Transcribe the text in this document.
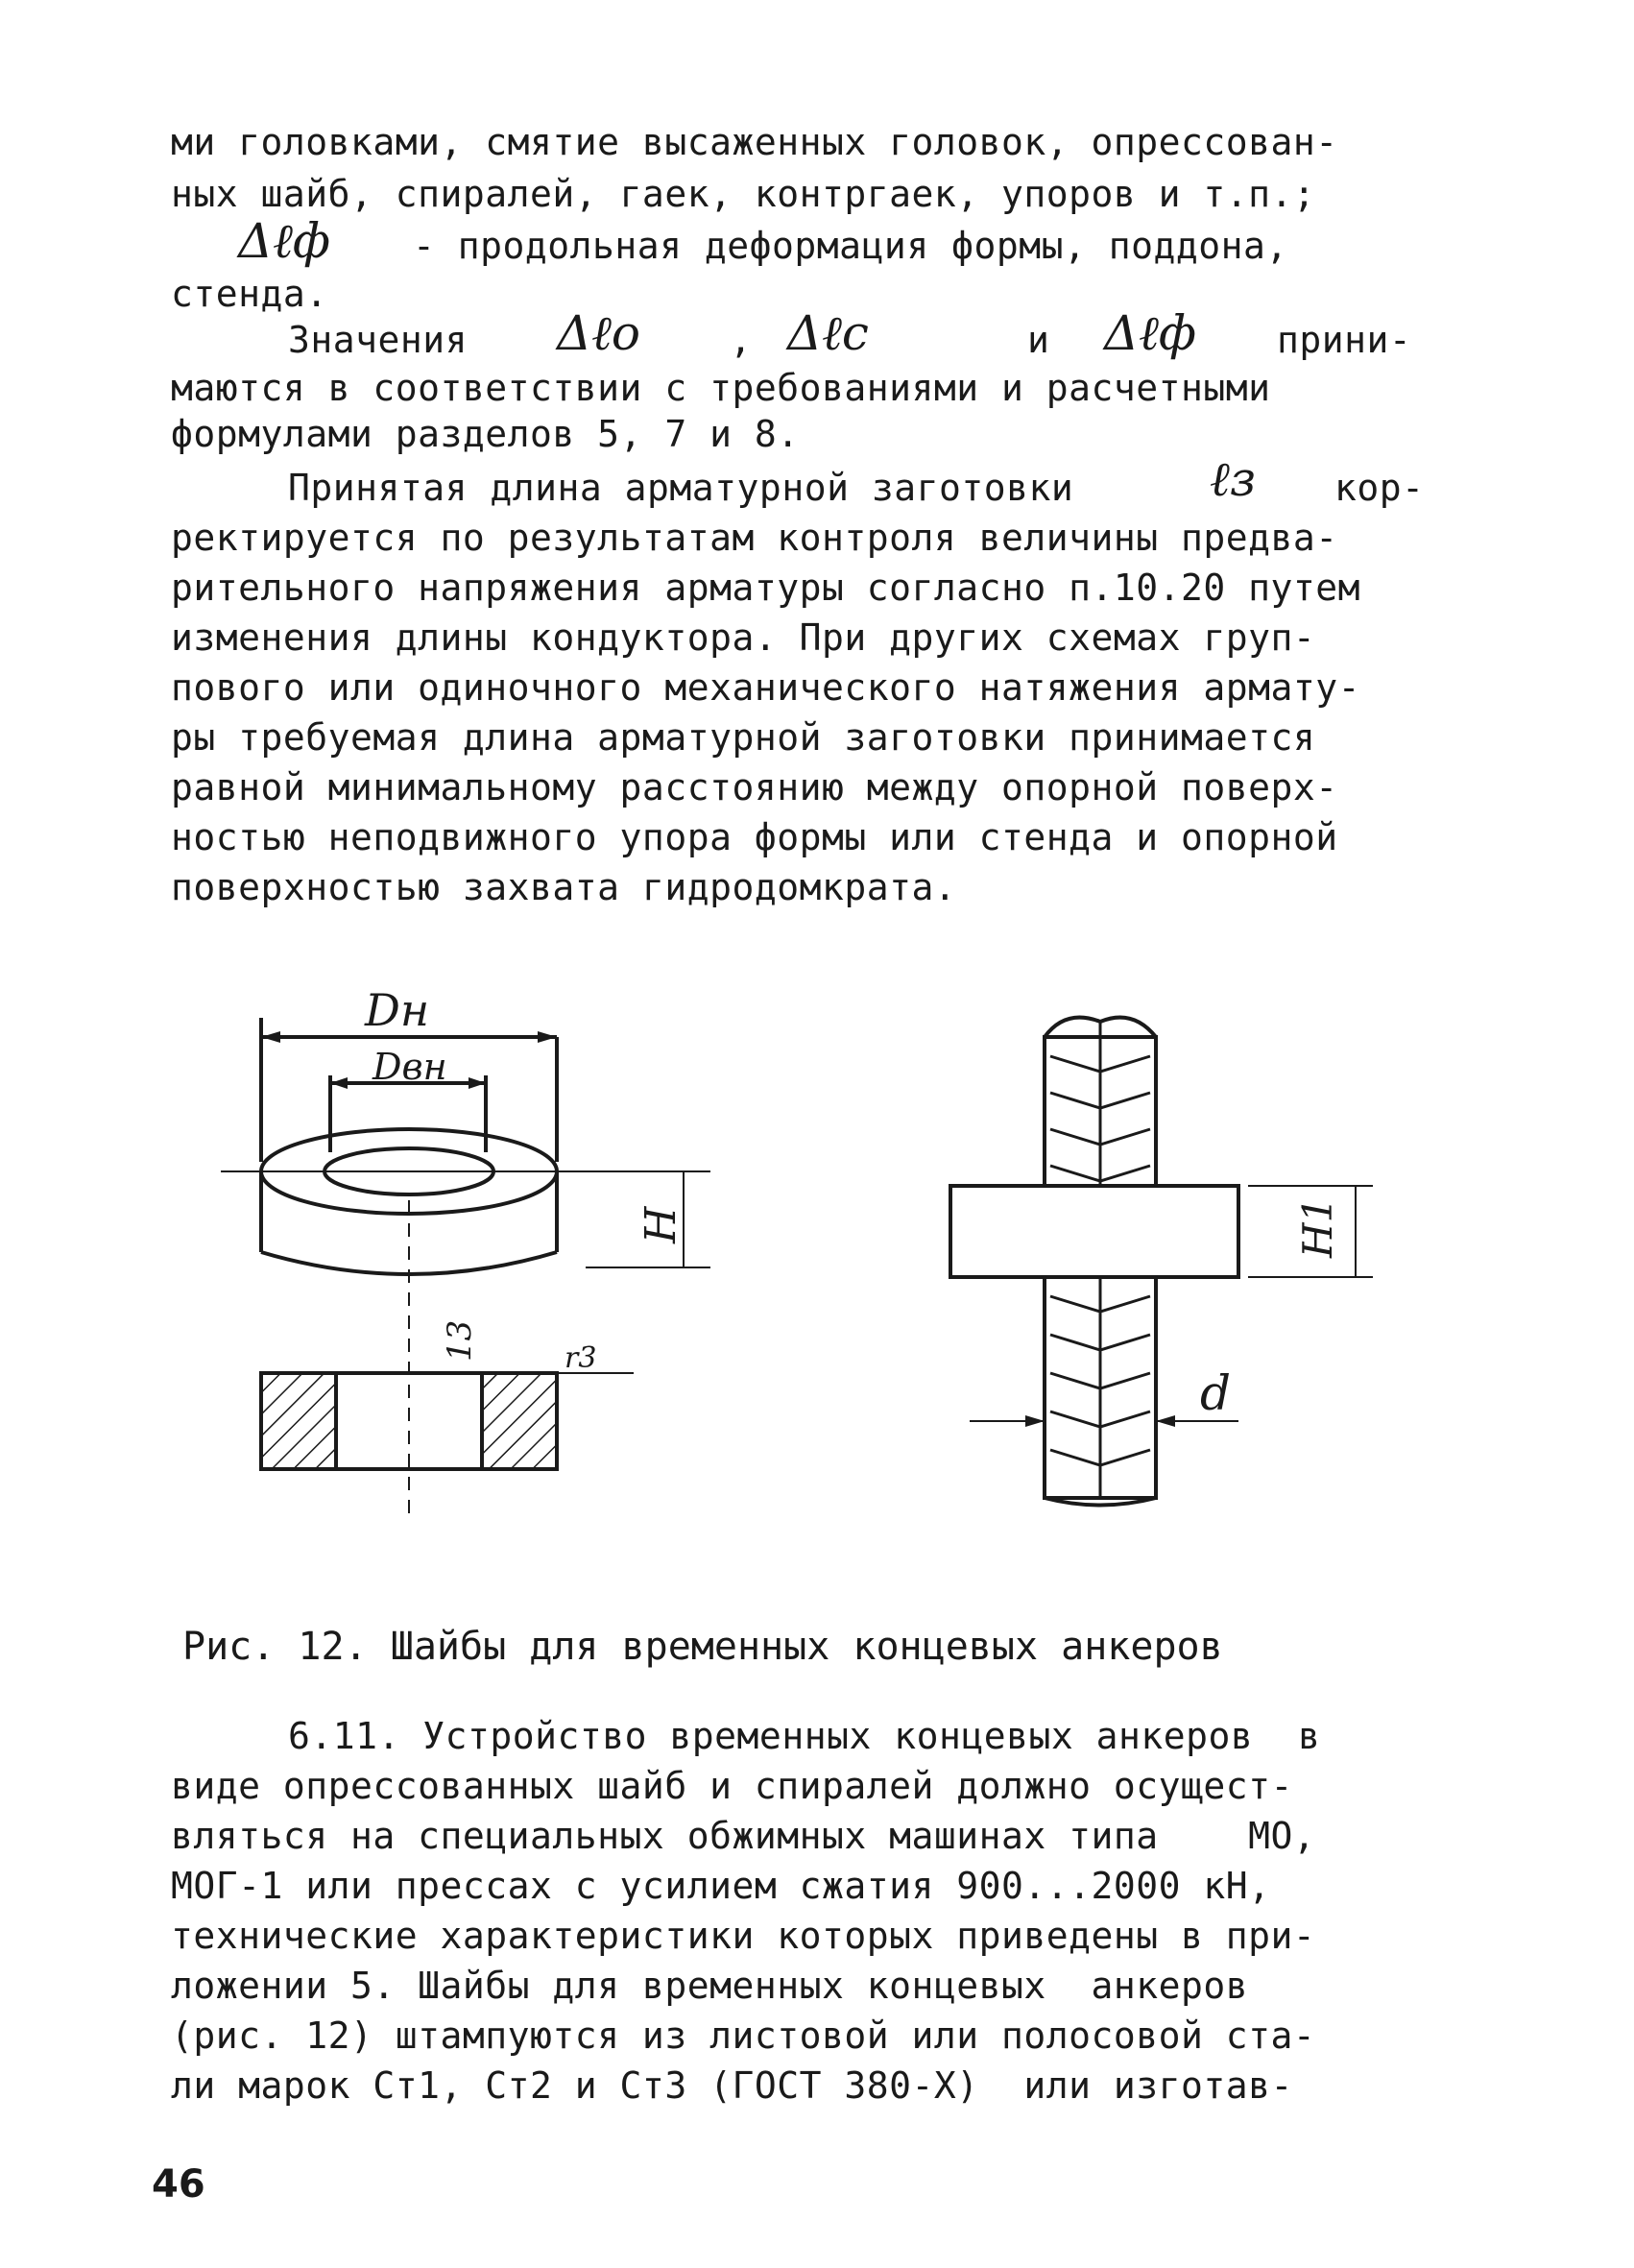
ми головками, смятие высаженных головок, опрессован-
ных шайб, спиралей, гаек, контргаек, упоров и т.п.;
Δℓф - продольная деформация формы, поддона,
стенда.
Значения Δℓо , Δℓс	и Δℓф прини-
маются в соответствии с требованиями и расчетными
формулами разделов 5, 7 и 8.
Принятая длина арматурной заготовки	ℓз кор-
ректируется по результатам контроля величины предва-
рительного напряжения арматуры согласно п.10.20 путем
изменения длины кондуктора. При других схемах груп-
пового или одиночного механического натяжения армату-
ры требуемая длина арматурной заготовки принимается
равной минимальному расстоянию между опорной поверх-
ностью неподвижного упора формы или стенда и опорной
поверхностью захвата гидродомкрата.
Dн
Dвн
H
13	r3
H1
d
Рис. 12. Шайбы для временных концевых анкеров
6.11. Устройство временных концевых анкеров  в
виде опрессованных шайб и спиралей должно осущест-
вляться на специальных обжимных машинах типа    МО,
МОГ-1 или прессах с усилием сжатия 900...2000 кН,
технические характеристики которых приведены в при-
ложении 5. Шайбы для временных концевых  анкеров
(рис. 12) штампуются из листовой или полосовой ста-
ли марок Ст1, Ст2 и Ст3 (ГОСТ 380-Х)  или изготав-
46
